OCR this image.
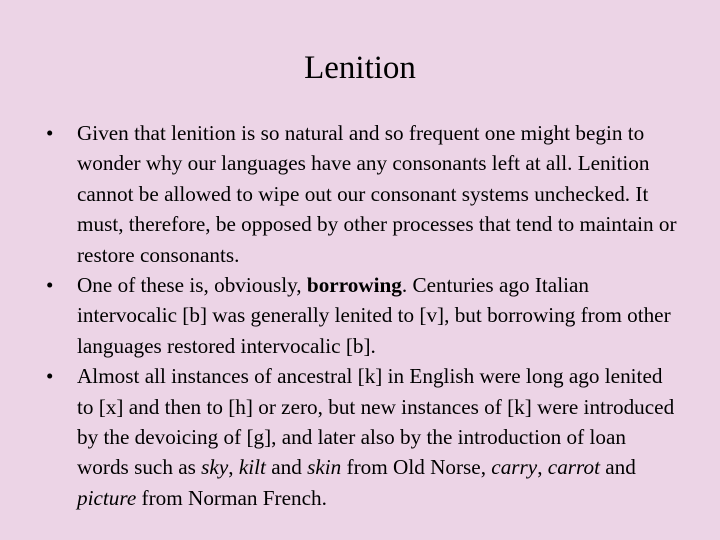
Lenition
•	Given that lenition is so natural and so frequent one might begin to wonder why our languages have any consonants left at all. Lenition cannot be allowed to wipe out our consonant systems unchecked. It must, therefore, be opposed by other processes that tend to maintain or restore consonants.
•	One of these is, obviously, borrowing. Centuries ago Italian intervocalic [b] was generally lenited to [v], but borrowing from other languages restored intervocalic [b].
•	Almost all instances of ancestral [k] in English were long ago lenited to [x] and then to [h] or zero, but new instances of [k] were introduced by the devoicing of [g], and later also by the introduction of loan words such as sky, kilt and skin from Old Norse, carry, carrot and picture from Norman French.
